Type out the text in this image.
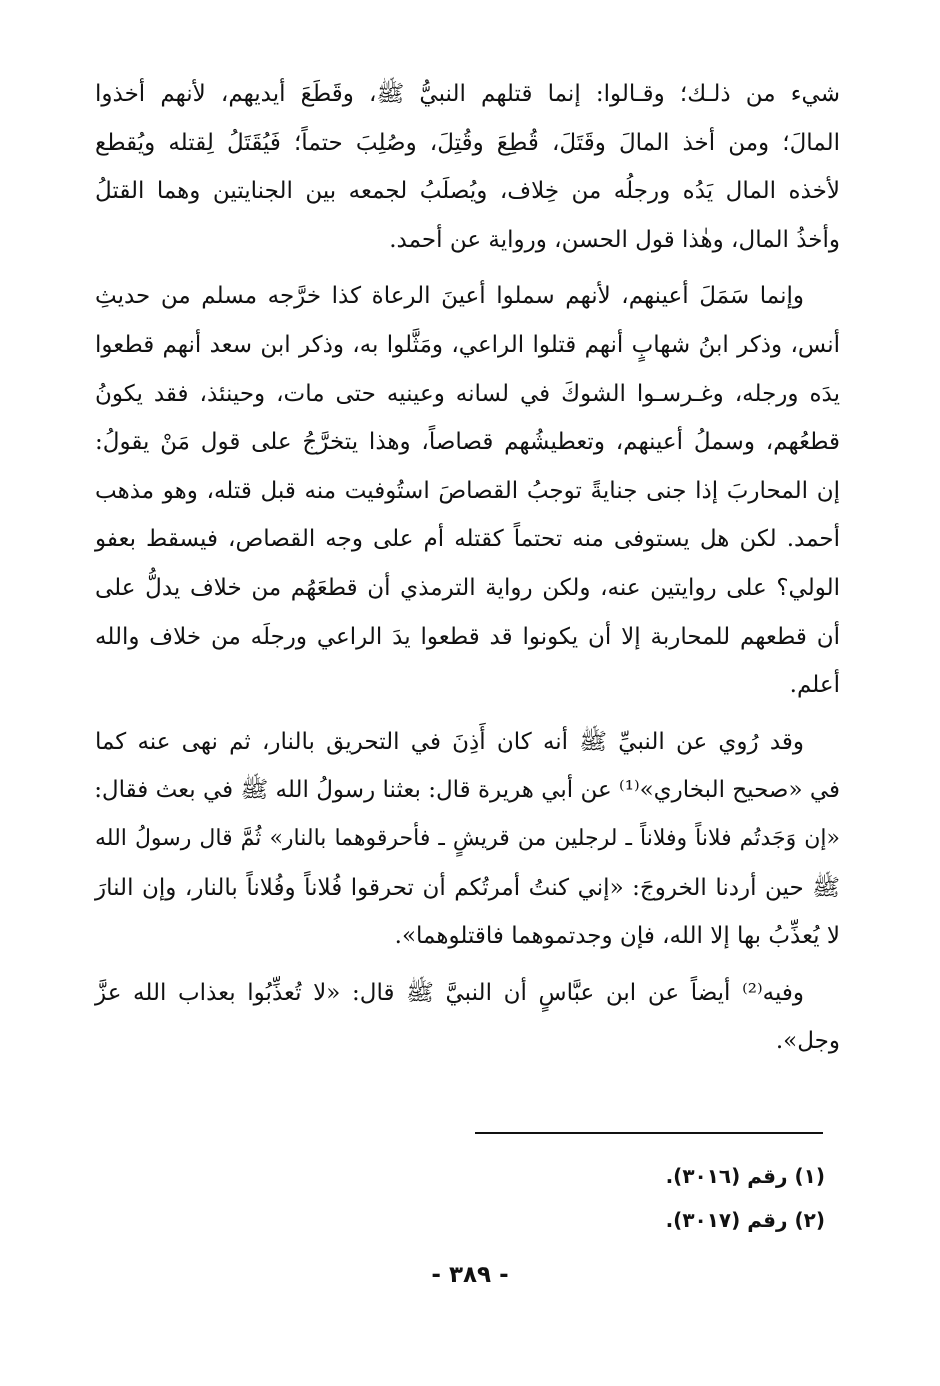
شيء من ذلـك؛ وقـالوا: إنما قتلهم النبيُّ ﷺ، وقَطَعَ أيديهم، لأنهم أخذوا
المالَ؛ ومن أخذ المالَ وقَتَلَ، قُطِعَ وقُتِلَ، وصُلِبَ حتماً؛ فَيُقَتَلُ لِقتله ويُقطع
لأخذه المال يَدُه ورجلُه من خِلاف، ويُصلَبُ لجمعه بين الجنايتين وهما القتلُ
وأخذُ المال، وهٰذا قول الحسن، ورواية عن أحمد.

وإنما سَمَلَ أعينهم، لأنهم سملوا أعينَ الرعاة كذا خرَّجه مسلم من حديثِ
أنس، وذكر ابنُ شهابٍ أنهم قتلوا الراعي، ومَثَّلوا به، وذكر ابن سعد أنهم قطعوا
يدَه ورجله، وغـرسـوا الشوكَ في لسانه وعينيه حتى مات، وحينئذ، فقد يكونُ
قطعُهم، وسملُ أعينهم، وتعطيشُهم قصاصاً، وهذا يتخرَّجُ على قول مَنْ يقولُ:
إن المحاربَ إذا جنى جنايةً توجبُ القصاصَ استُوفيت منه قبل قتله، وهو مذهب
أحمد. لكن هل يستوفى منه تحتماً كقتله أم على وجه القصاص، فيسقط بعفو
الولي؟ على روايتين عنه، ولكن رواية الترمذي أن قطعَهُم من خلاف يدلُّ على
أن قطعهم للمحاربة إلا أن يكونوا قد قطعوا يدَ الراعي ورجلَه من خلاف والله
أعلم.

وقد رُوي عن النبيِّ ﷺ أنه كان أَذِنَ في التحريق بالنار، ثم نهى عنه كما
في «صحيح البخاري»⁽¹⁾ عن أبي هريرة قال: بعثنا رسولُ الله ﷺ في بعث فقال:
«إن وَجَدتُم فلاناً وفلاناً ـ لرجلين من قريشٍ ـ فأحرقوهما بالنار» ثُمَّ قال رسولُ الله
ﷺ حين أردنا الخروجَ: «إني كنتُ أمرتُكم أن تحرقوا فُلاناً وفُلاناً بالنار، وإن النارَ
لا يُعذِّبُ بها إلا الله، فإن وجدتموهما فاقتلوهما».

وفيه⁽²⁾ أيضاً عن ابن عبَّاسٍ أن النبيَّ ﷺ قال: «لا تُعذِّبُوا بعذاب الله عزَّ
وجل».

(١) رقم (٣٠١٦).
(٢) رقم (٣٠١٧).
- ٣٨٩ -
